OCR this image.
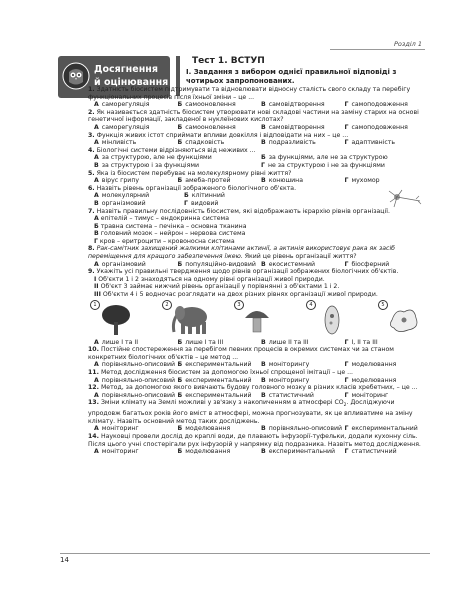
Розділ 1
Досягнення
й оцінювання
Тест 1. ВСТУП
І. Завдання з вибором однієї правильної відповіді з чотирьох запропонованих.
1. Здатність біосистем підтримувати та відновлювати відносну сталість свого складу та перебігу функціональних процесів після їхньої зміни – це ...
А саморегуляція	Б самооновлення	В самовідтворення	Г самоподовження
2. Як називається здатність біосистем утворювати нові складові частини на заміну старих на основі генетичної інформації, закладеної в нуклеїнових кислотах?
А саморегуляція	Б самооновлення	В самовідтворення	Г самоподовження
3. Функція живих істот сприймати впливи довкілля і відповідати на них – це ...
А мінливість	Б спадковість	В подразливість	Г адаптивність
4. Біологічні системи відрізняються від неживих ...
А за структурою, але не функціями	Б за функціями, але не за структурою
В за структурою і за функціями	Г не за структурою і не за функціями
5. Яка із біосистем перебуває на молекулярному рівні життя?
А вірус грипу	Б амеба-протей	В конюшина	Г мухомор
6. Назвіть рівень організації зображеного біологічного об'єкта.
А молекулярний	Б клітинний
В організмовий	Г видовий
7. Назвіть правильну послідовність біосистем, які відображають ієрархію рівнів організації.
А епітелій – тимус – ендокринна система
Б травна система – печінка – основна тканина
В головний мозок – нейрон – нервова система
Г кров – еритроцити – кровоносна система
8. Рак-самітник захищений жалкими клітинами актинії, а актинія використовує рака як засіб переміщення для кращого забезпечення їжею. Який це рівень організації життя?
А організмовий	Б популяційно-видовий В екосистемний	Г біосферний
9. Укажіть усі правильні твердження щодо рівнів організації зображених біологічних об'єктів.
I Об'єкти 1 і 2 знаходяться на одному рівні організації живої природи.
II Об'єкт 3 займає нижчий рівень організації у порівнянні з об'єктами 1 і 2.
III Об'єкти 4 і 5 водночас розглядати на двох різних рівнях організації живої природи.
1	2	3	4	5
А лише І та ІІ	Б лише І та ІІІ	В лише ІІ та ІІІ	Г І, ІІ та ІІІ
10. Постійне спостереження за перебігом певних процесів в окремих системах чи за станом конкретних біологічних об'єктів – це метод ...
А порівняльно-описовий Б експериментальний	В моніторингу	Г моделювання
11. Метод дослідження біосистем за допомогою їхньої спрощеної імітації – це ...
А порівняльно-описовий Б експериментальний	В моніторингу	Г моделювання
12. Метод, за допомогою якого вивчають будову головного мозку в різних класів хребетних, – це ...
А порівняльно-описовий Б експериментальний	В статистичний	Г моніторинг
13. Зміни клімату на Землі можливі у зв'язку з накопиченням в атмосфері $CO_2$. Досліджуючи упродовж багатьох років його вміст в атмосфері, можна прогнозувати, як це впливатиме на зміну клімату. Назвіть основний метод таких досліджень.
А моніторинг	Б моделювання	В порівняльно-описовий Г експериментальний
14. Науковці провели дослід до краплі води, де плавають інфузорії-туфельки, додали кухонну сіль. Після цього учні спостерігали рух інфузорій у напрямку від подразника. Назвіть метод дослідження.
А моніторинг	Б моделювання	В експериментальний	Г статистичний
14
